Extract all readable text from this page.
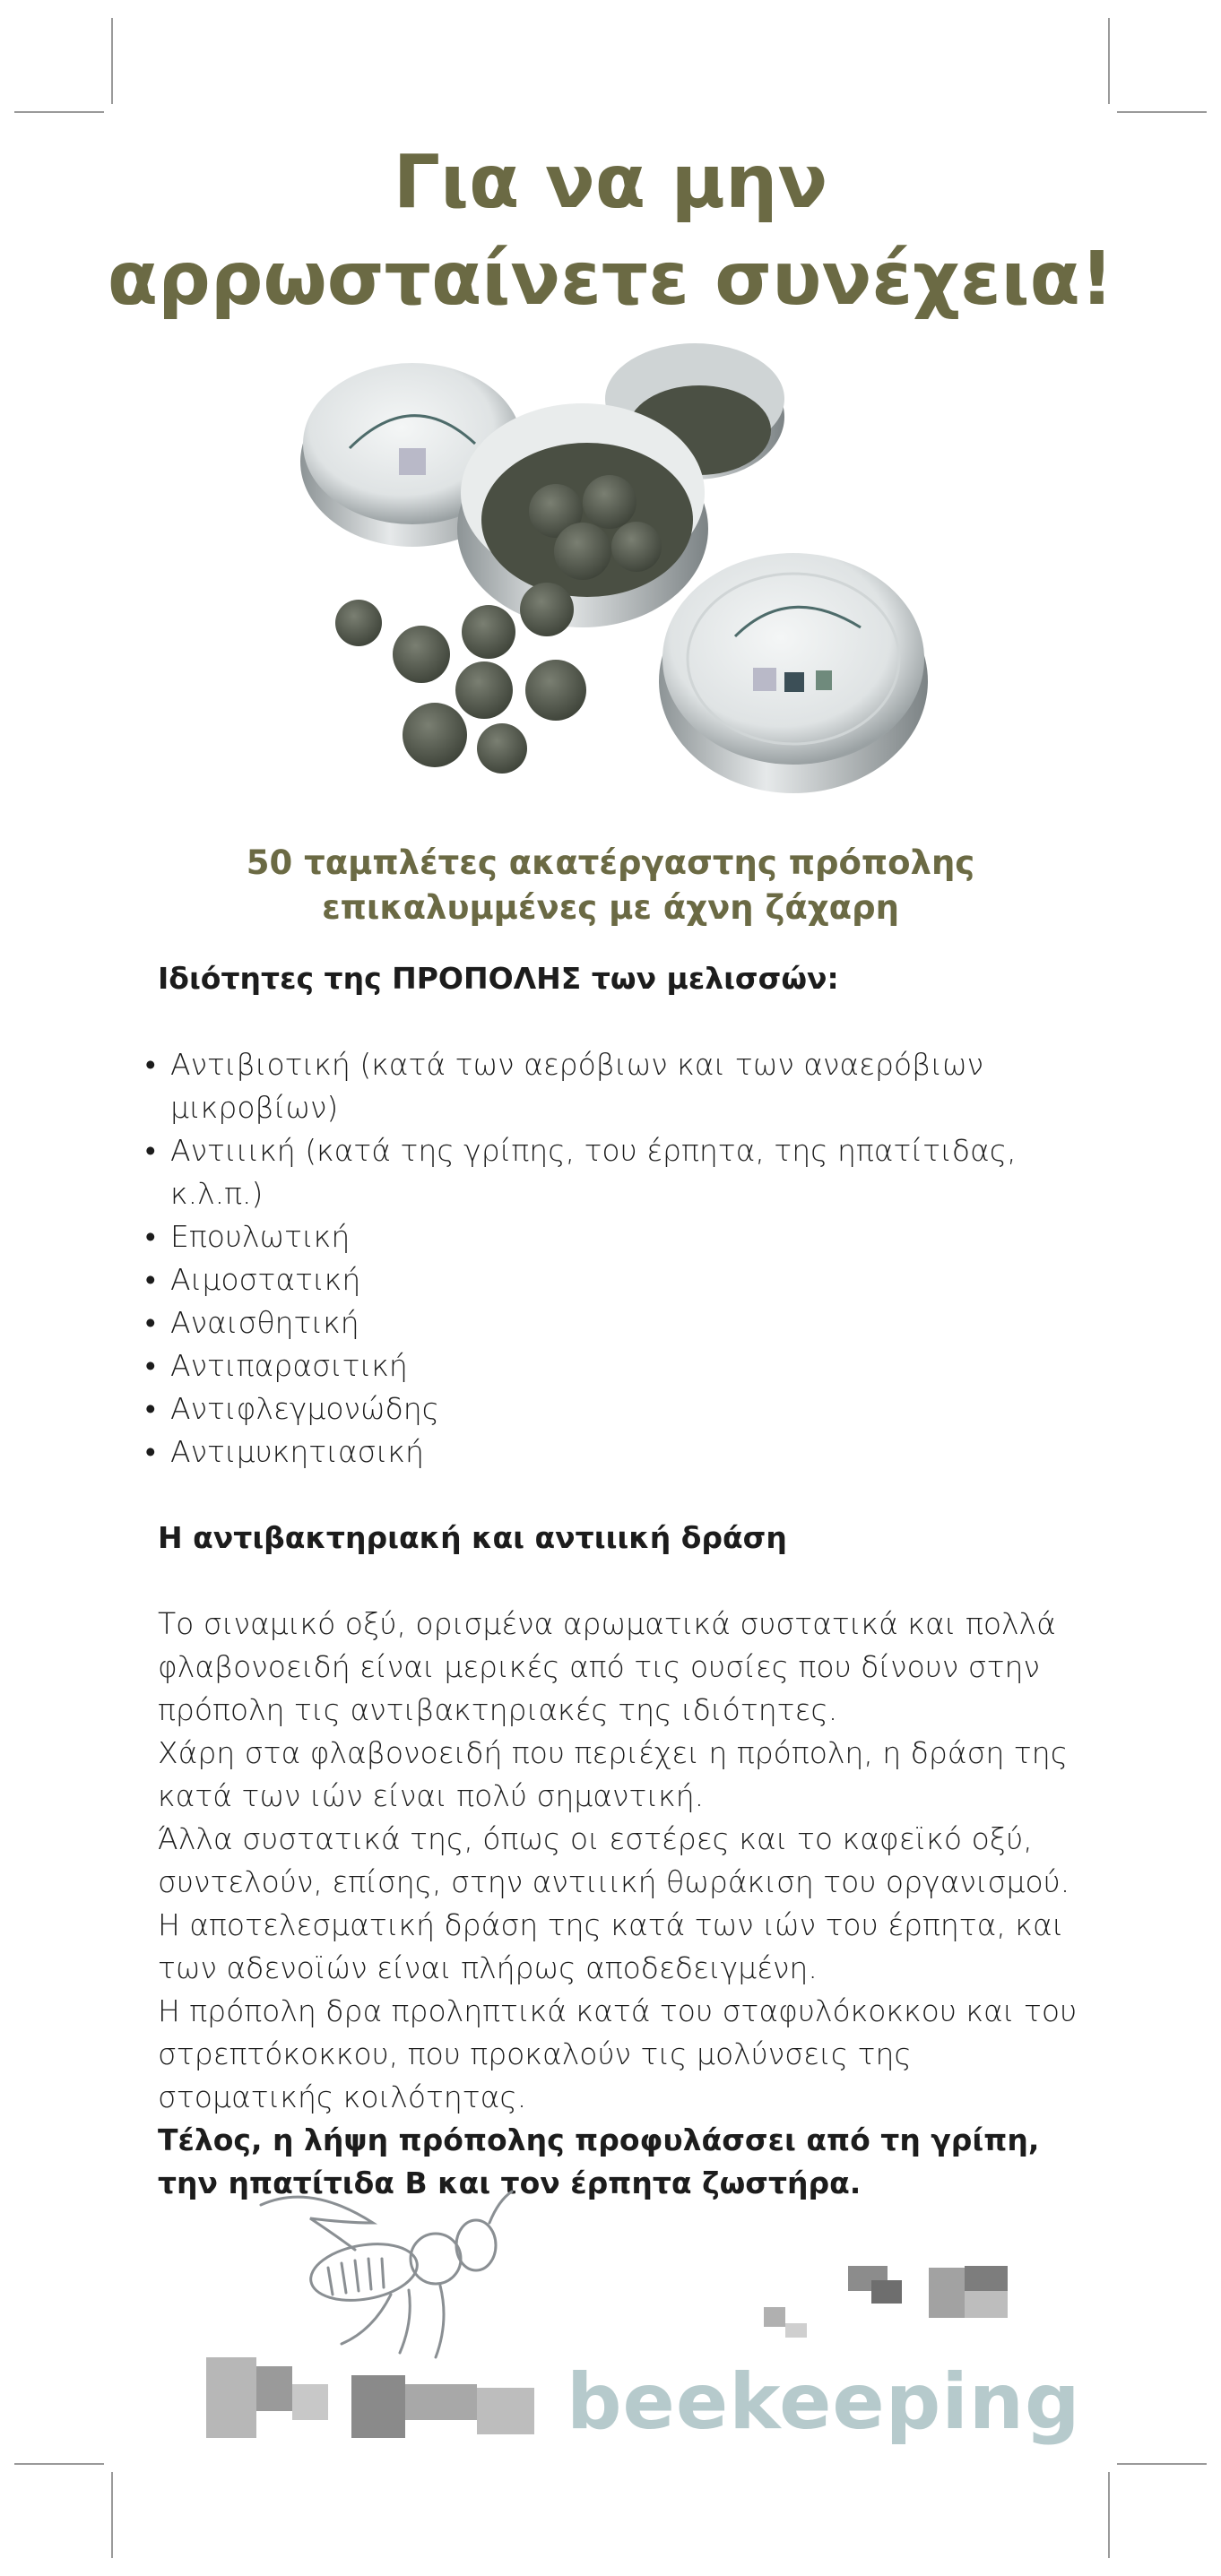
Για να μην
αρρωσταίνετε συνέχεια!
50 ταμπλέτες ακατέργαστης πρόπολης
επικαλυμμένες με άχνη ζάχαρη

Ιδιότητες της ΠΡΟΠΟΛΗΣ των μελισσών:

• Αντιβιοτική (κατά των αερόβιων και των αναερόβιων μικροβίων)
• Αντιιική (κατά της γρίπης, του έρπητα, της ηπατίτιδας, κ.λ.π.)
• Επουλωτική
• Αιμοστατική
• Αναισθητική
• Αντιπαρασιτική
• Αντιφλεγμονώδης
• Αντιμυκητιασική

Η αντιβακτηριακή και αντιιική δράση

Το σιναμικό οξύ, ορισμένα αρωματικά συστατικά και πολλά φλαβονοειδή είναι μερικές από τις ουσίες που δίνουν στην πρόπολη τις αντιβακτηριακές της ιδιότητες.

Χάρη στα φλαβονοειδή που περιέχει η πρόπολη, η δράση της κατά των ιών είναι πολύ σημαντική.

Άλλα συστατικά της, όπως οι εστέρες και το καφεϊκό οξύ, συντελούν, επίσης, στην αντιιική θωράκιση του οργανισμού.

Η αποτελεσματική δράση της κατά των ιών του έρπητα, και των αδενοϊών είναι πλήρως αποδεδειγμένη.

Η πρόπολη δρα προληπτικά κατά του σταφυλόκοκκου και του στρεπτόκοκκου, που προκαλούν τις μολύνσεις της στοματικής κοιλότητας.

Τέλος, η λήψη πρόπολης προφυλάσσει από τη γρίπη, την ηπατίτιδα Β και τον έρπητα ζωστήρα.

beekeeping
